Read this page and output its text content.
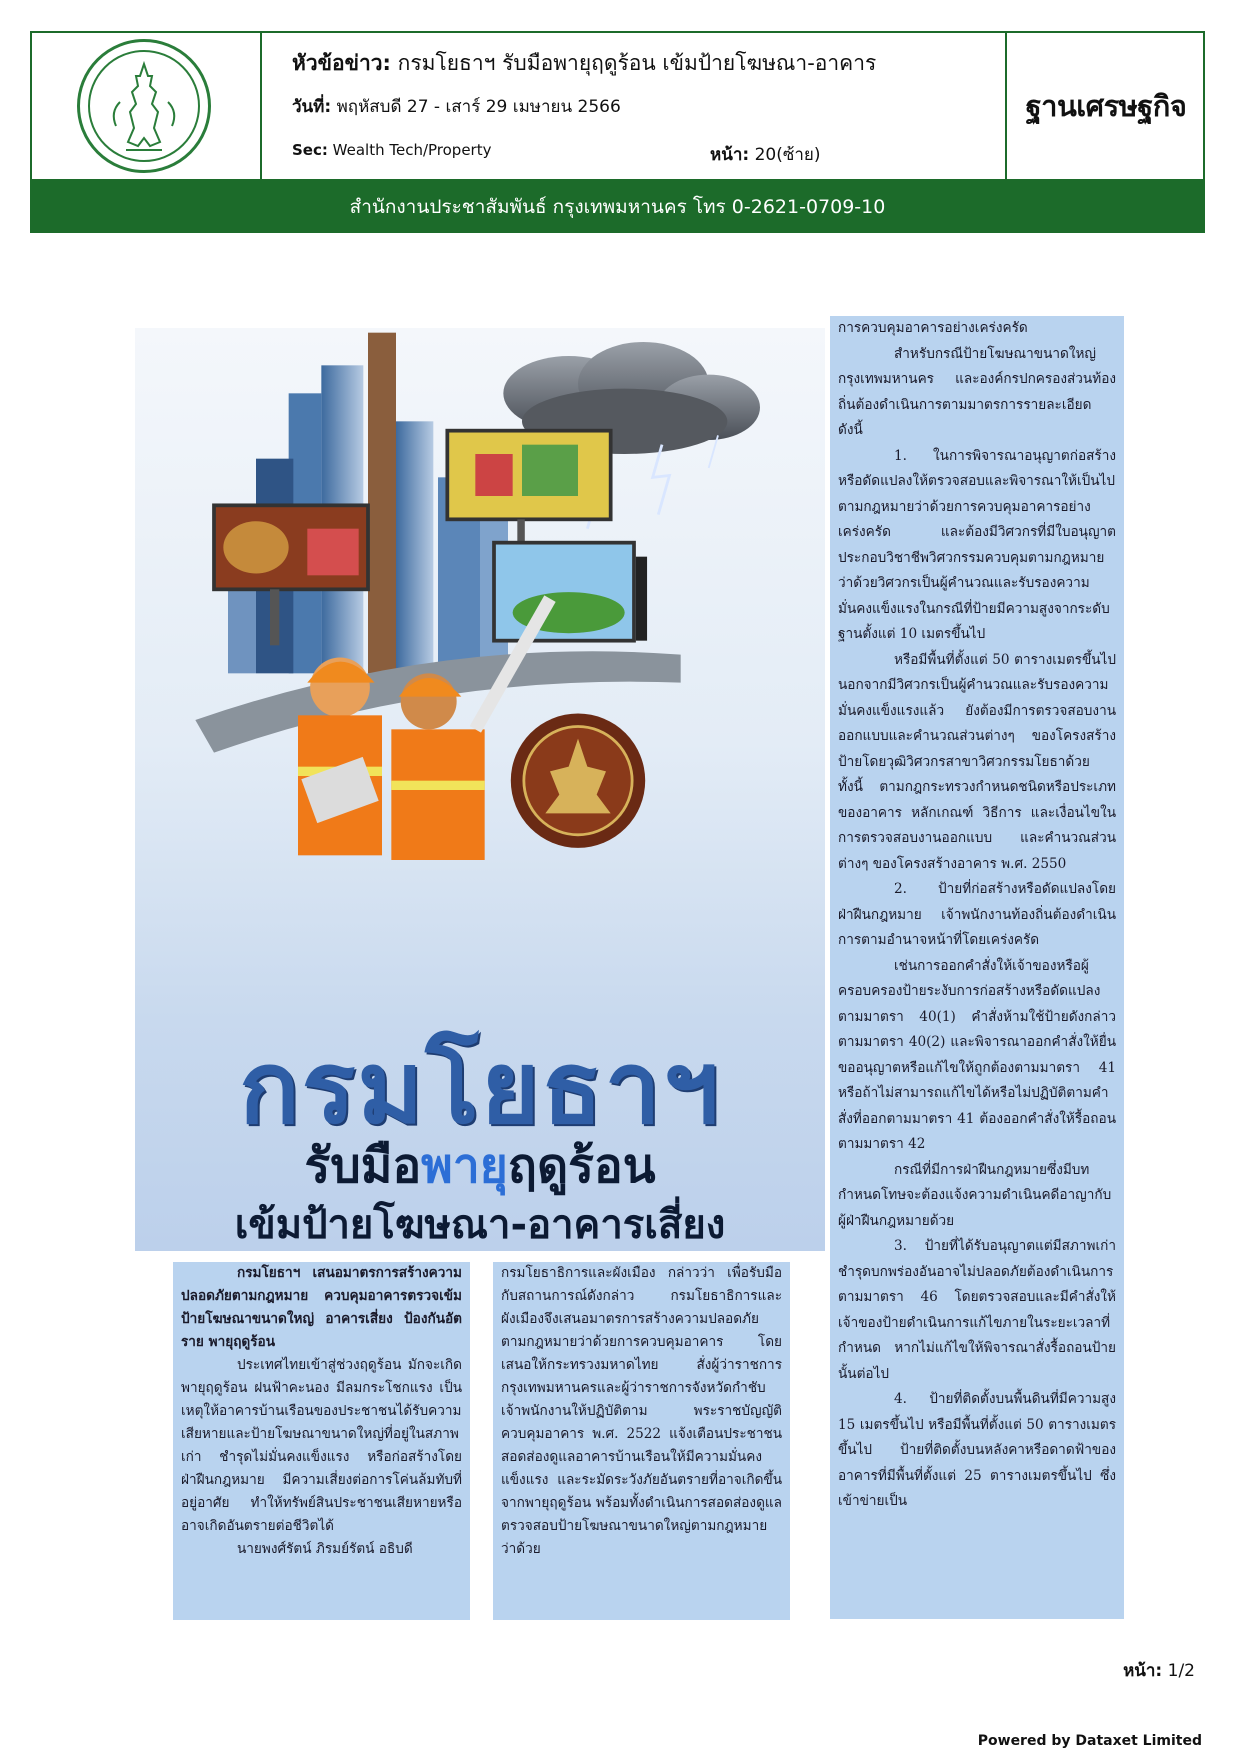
หัวข้อข่าว: กรมโยธาฯ รับมือพายุฤดูร้อน เข้มป้ายโฆษณา-อาคาร
วันที่: พฤหัสบดี 27 - เสาร์ 29 เมษายน 2566
Sec: Wealth Tech/Property	หน้า: 20(ซ้าย)
ฐานเศรษฐกิจ
สำนักงานประชาสัมพันธ์ กรุงเทพมหานคร โทร 0-2621-0709-10
กรมโยธาฯ
รับมือพายุฤดูร้อน
เข้มป้ายโฆษณา-อาคารเสี่ยง

การควบคุมอาคารอย่างเคร่งครัด

สำหรับกรณีป้ายโฆษณาขนาดใหญ่ กรุงเทพมหานคร และองค์กรปกครองส่วนท้องถิ่นต้องดำเนินการตามมาตรการรายละเอียดดังนี้

1. ในการพิจารณาอนุญาตก่อสร้างหรือดัดแปลงให้ตรวจสอบและพิจารณาให้เป็นไปตามกฎหมายว่าด้วยการควบคุมอาคารอย่างเคร่งครัด และต้องมีวิศวกรที่มีใบอนุญาตประกอบวิชาชีพวิศวกรรมควบคุมตามกฎหมายว่าด้วยวิศวกรเป็นผู้คำนวณและรับรองความมั่นคงแข็งแรงในกรณีที่ป้ายมีความสูงจากระดับฐานตั้งแต่ 10 เมตรขึ้นไป

หรือมีพื้นที่ตั้งแต่ 50 ตารางเมตรขึ้นไป นอกจากมีวิศวกรเป็นผู้คำนวณและรับรองความมั่นคงแข็งแรงแล้ว ยังต้องมีการตรวจสอบงานออกแบบและคำนวณส่วนต่างๆ ของโครงสร้างป้ายโดยวุฒิวิศวกรสาขาวิศวกรรมโยธาด้วย ทั้งนี้ ตามกฎกระทรวงกำหนดชนิดหรือประเภทของอาคาร หลักเกณฑ์ วิธีการ และเงื่อนไขในการตรวจสอบงานออกแบบ และคำนวณส่วนต่างๆ ของโครงสร้างอาคาร พ.ศ. 2550

2. ป้ายที่ก่อสร้างหรือดัดแปลงโดยฝ่าฝืนกฎหมาย เจ้าพนักงานท้องถิ่นต้องดำเนินการตามอำนาจหน้าที่โดยเคร่งครัด

เช่นการออกคำสั่งให้เจ้าของหรือผู้ครอบครองป้ายระงับการก่อสร้างหรือดัดแปลงตามมาตรา 40(1) คำสั่งห้ามใช้ป้ายดังกล่าวตามมาตรา 40(2) และพิจารณาออกคำสั่งให้ยื่นขออนุญาตหรือแก้ไขให้ถูกต้องตามมาตรา 41 หรือถ้าไม่สามารถแก้ไขได้หรือไม่ปฏิบัติตามคำสั่งที่ออกตามมาตรา 41 ต้องออกคำสั่งให้รื้อถอนตามมาตรา 42

กรณีที่มีการฝ่าฝืนกฎหมายซึ่งมีบทกำหนดโทษจะต้องแจ้งความดำเนินคดีอาญากับผู้ฝ่าฝืนกฎหมายด้วย

3. ป้ายที่ได้รับอนุญาตแต่มีสภาพเก่าชำรุดบกพร่องอันอาจไม่ปลอดภัยต้องดำเนินการตามมาตรา 46 โดยตรวจสอบและมีคำสั่งให้เจ้าของป้ายดำเนินการแก้ไขภายในระยะเวลาที่กำหนด หากไม่แก้ไขให้พิจารณาสั่งรื้อถอนป้ายนั้นต่อไป

4. ป้ายที่ติดตั้งบนพื้นดินที่มีความสูง 15 เมตรขึ้นไป หรือมีพื้นที่ตั้งแต่ 50 ตารางเมตรขึ้นไป ป้ายที่ติดตั้งบนหลังคาหรือดาดฟ้าของอาคารที่มีพื้นที่ตั้งแต่ 25 ตารางเมตรขึ้นไป ซึ่งเข้าข่ายเป็น

กรมโยธาฯ เสนอมาตรการสร้างความปลอดภัยตามกฎหมาย ควบคุมอาคารตรวจเข้มป้ายโฆษณาขนาดใหญ่ อาคารเสี่ยง ป้องกันอัตราย พายุฤดูร้อน

ประเทศไทยเข้าสู่ช่วงฤดูร้อน มักจะเกิดพายุฤดูร้อน ฝนฟ้าคะนอง มีลมกระโชกแรง เป็นเหตุให้อาคารบ้านเรือนของประชาชนได้รับความเสียหายและป้ายโฆษณาขนาดใหญ่ที่อยู่ในสภาพเก่า ชำรุดไม่มั่นคงแข็งแรง หรือก่อสร้างโดยฝ่าฝืนกฎหมาย มีความเสี่ยงต่อการโค่นล้มทับที่อยู่อาศัย ทำให้ทรัพย์สินประชาชนเสียหายหรืออาจเกิดอันตรายต่อชีวิตได้

นายพงศ์รัตน์ ภิรมย์รัตน์ อธิบดี

กรมโยธาธิการและผังเมือง กล่าวว่า เพื่อรับมือกับสถานการณ์ดังกล่าว กรมโยธาธิการและผังเมืองจึงเสนอมาตรการสร้างความปลอดภัยตามกฎหมายว่าด้วยการควบคุมอาคาร โดยเสนอให้กระทรวงมหาดไทย สั่งผู้ว่าราชการกรุงเทพมหานครและผู้ว่าราชการจังหวัดกำชับเจ้าพนักงานให้ปฏิบัติตาม พระราชบัญญัติควบคุมอาคาร พ.ศ. 2522 แจ้งเตือนประชาชนสอดส่องดูแลอาคารบ้านเรือนให้มีความมั่นคงแข็งแรง และระมัดระวังภัยอันตรายที่อาจเกิดขึ้นจากพายุฤดูร้อน พร้อมทั้งดำเนินการสอดส่องดูแลตรวจสอบป้ายโฆษณาขนาดใหญ่ตามกฎหมายว่าด้วย

หน้า: 1/2
Powered by Dataxet Limited
